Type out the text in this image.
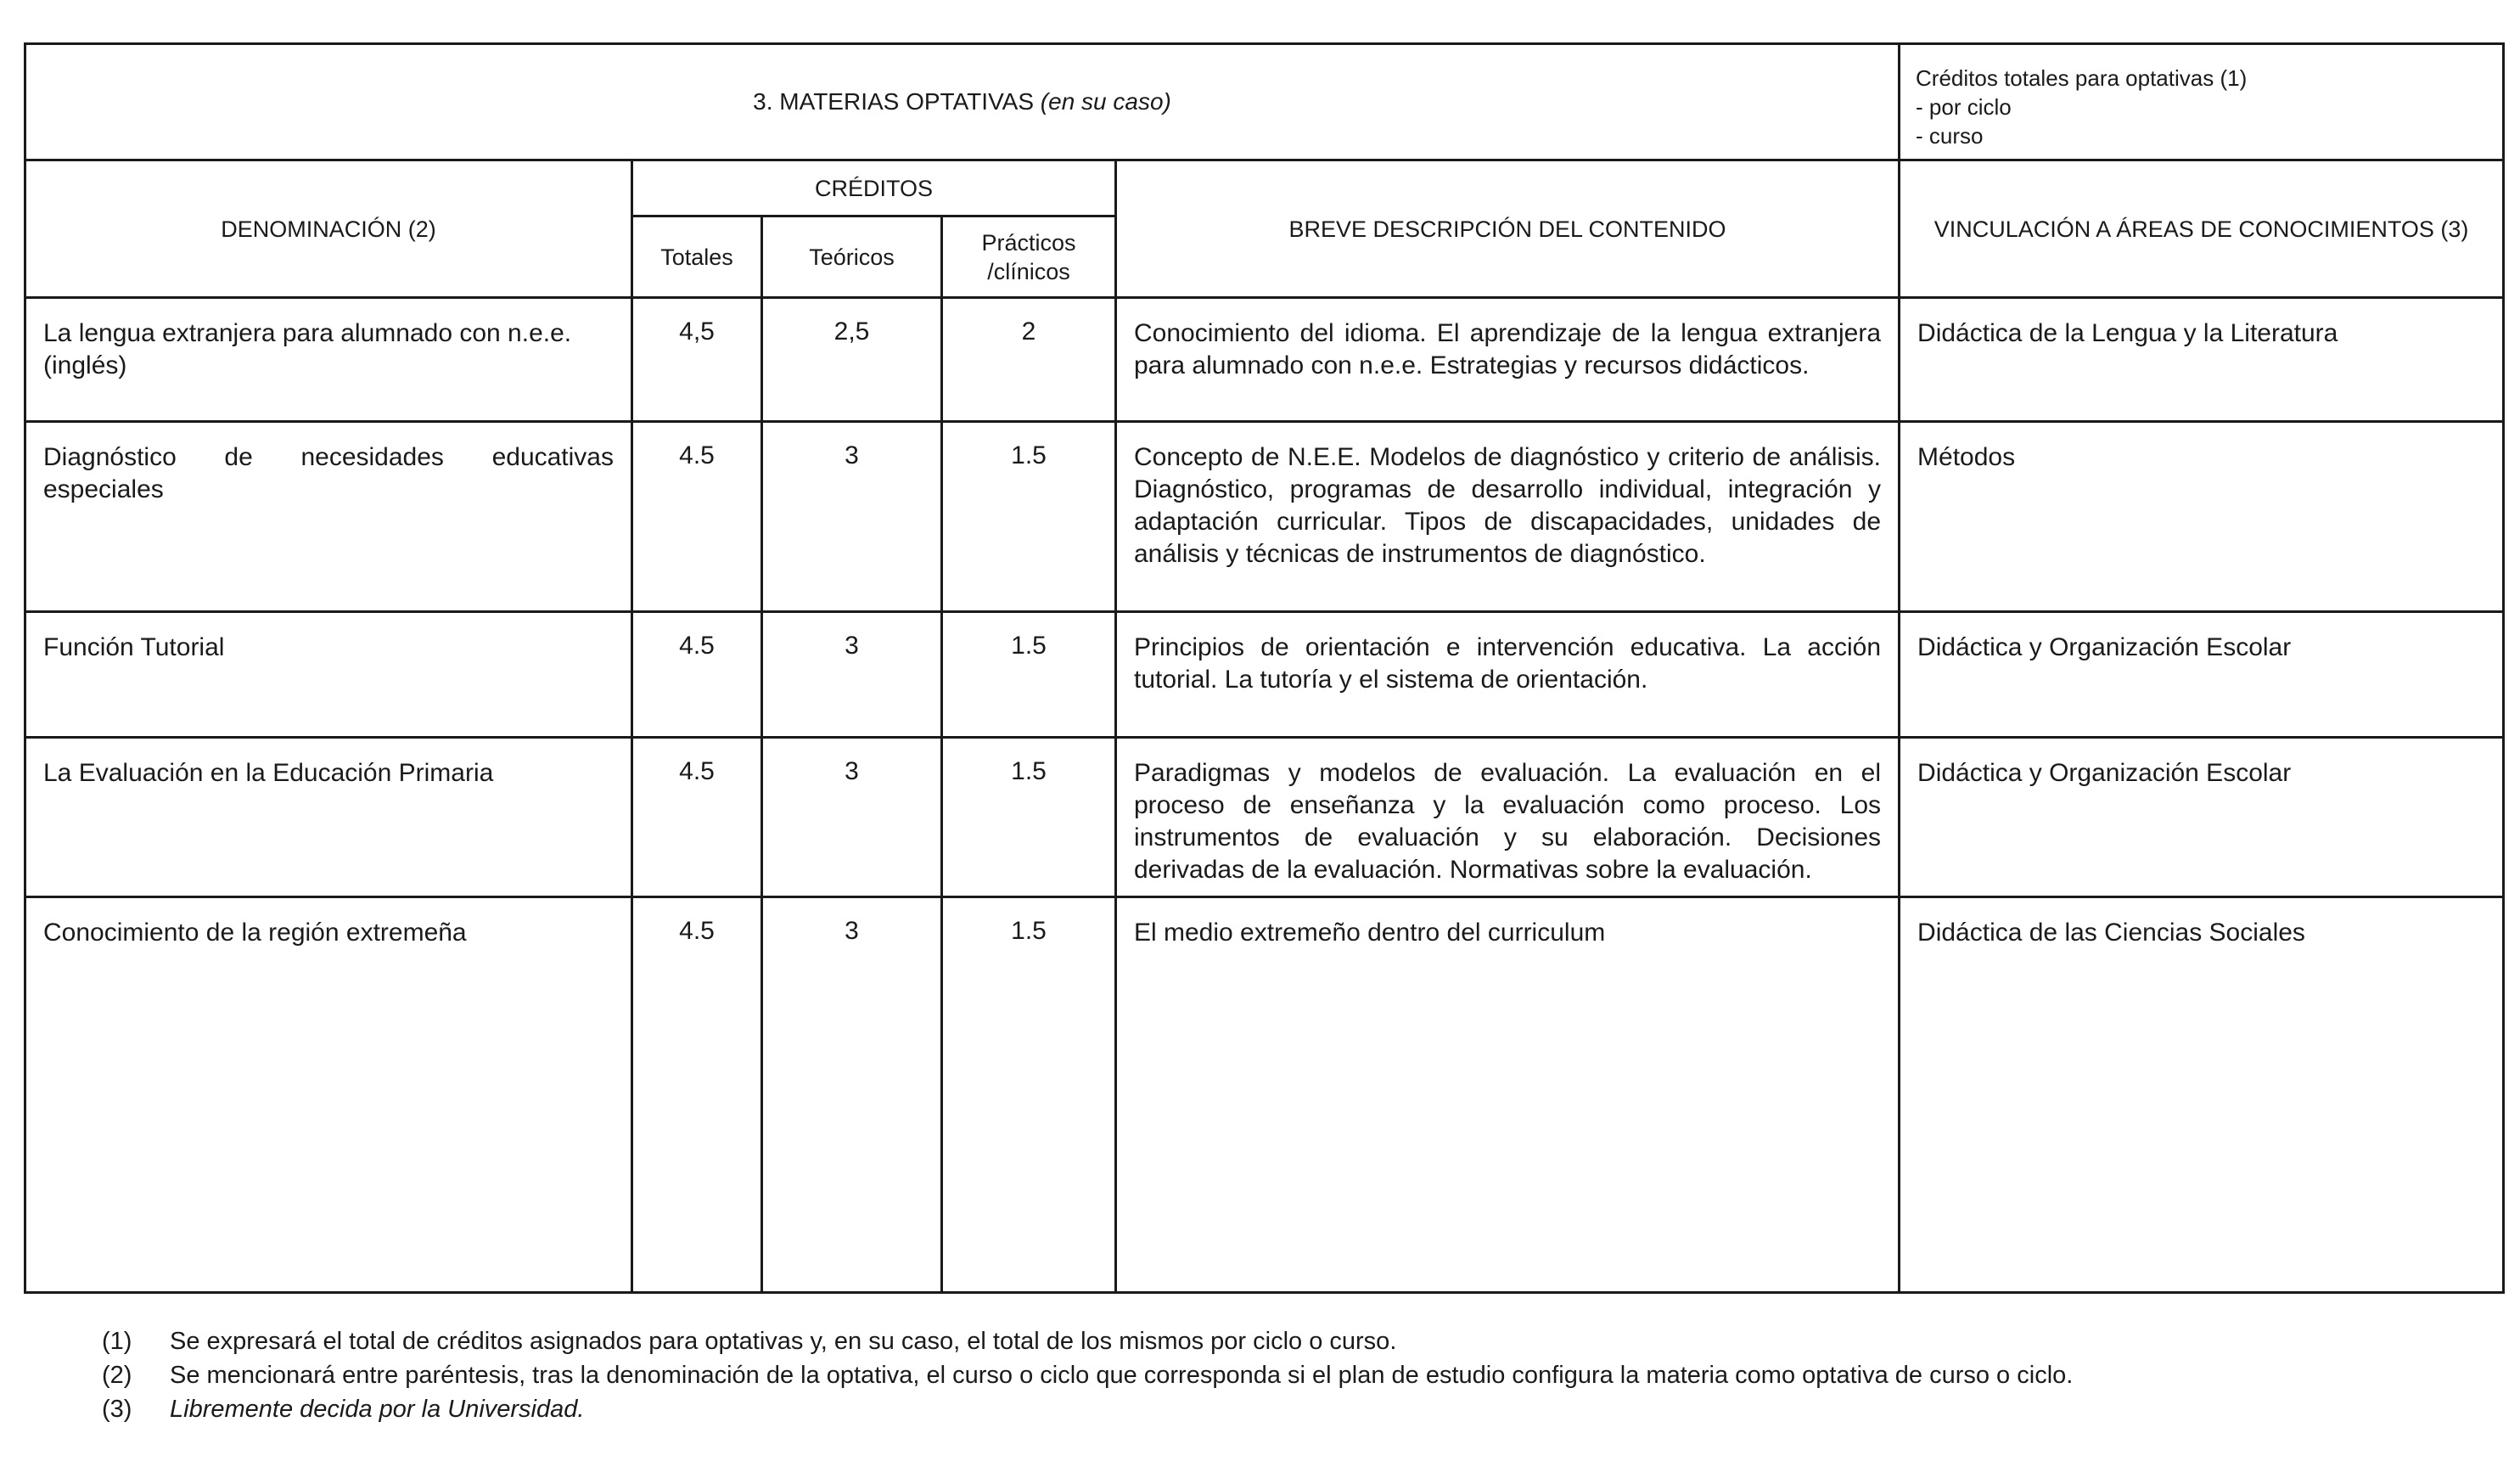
3. MATERIAS OPTATIVAS (en su caso)					Créditos totales para optativas (1)
- por ciclo
- curso

DENOMINACIÓN (2)	CRÉDITOS			BREVE DESCRIPCIÓN DEL CONTENIDO	VINCULACIÓN A ÁREAS DE CONOCIMIENTOS (3)
	Totales	Teóricos	Prácticos /clínicos		
La lengua extranjera para alumnado con n.e.e. (inglés)	4,5	2,5	2	Conocimiento del idioma. El aprendizaje de la lengua extranjera para alumnado con n.e.e. Estrategias y recursos didácticos.	Didáctica de la Lengua y la Literatura
Diagnóstico de necesidades educativas especiales	4.5	3	1.5	Concepto de N.E.E. Modelos de diagnóstico y criterio de análisis. Diagnóstico, programas de desarrollo individual, integración y adaptación curricular. Tipos de discapacidades, unidades de análisis y técnicas de instrumentos de diagnóstico.	Métodos
Función Tutorial	4.5	3	1.5	Principios de orientación e intervención educativa. La acción tutorial. La tutoría y el sistema de orientación.	Didáctica y Organización Escolar
La Evaluación en la Educación Primaria	4.5	3	1.5	Paradigmas y modelos de evaluación. La evaluación en el proceso de enseñanza y la evaluación como proceso. Los instrumentos de evaluación y su elaboración. Decisiones derivadas de la evaluación. Normativas sobre la evaluación.	Didáctica y Organización Escolar
Conocimiento de la región extremeña	4.5	3	1.5	El medio extremeño dentro del curriculum	Didáctica de las Ciencias Sociales
(1)	Se expresará el total de créditos asignados para optativas y, en su caso, el total de los mismos por ciclo o curso.
(2)	Se mencionará entre paréntesis, tras la denominación de la optativa, el curso o ciclo que corresponda si el plan de estudio configura la materia como optativa de curso o ciclo.
(3)	Libremente decida por la Universidad.
